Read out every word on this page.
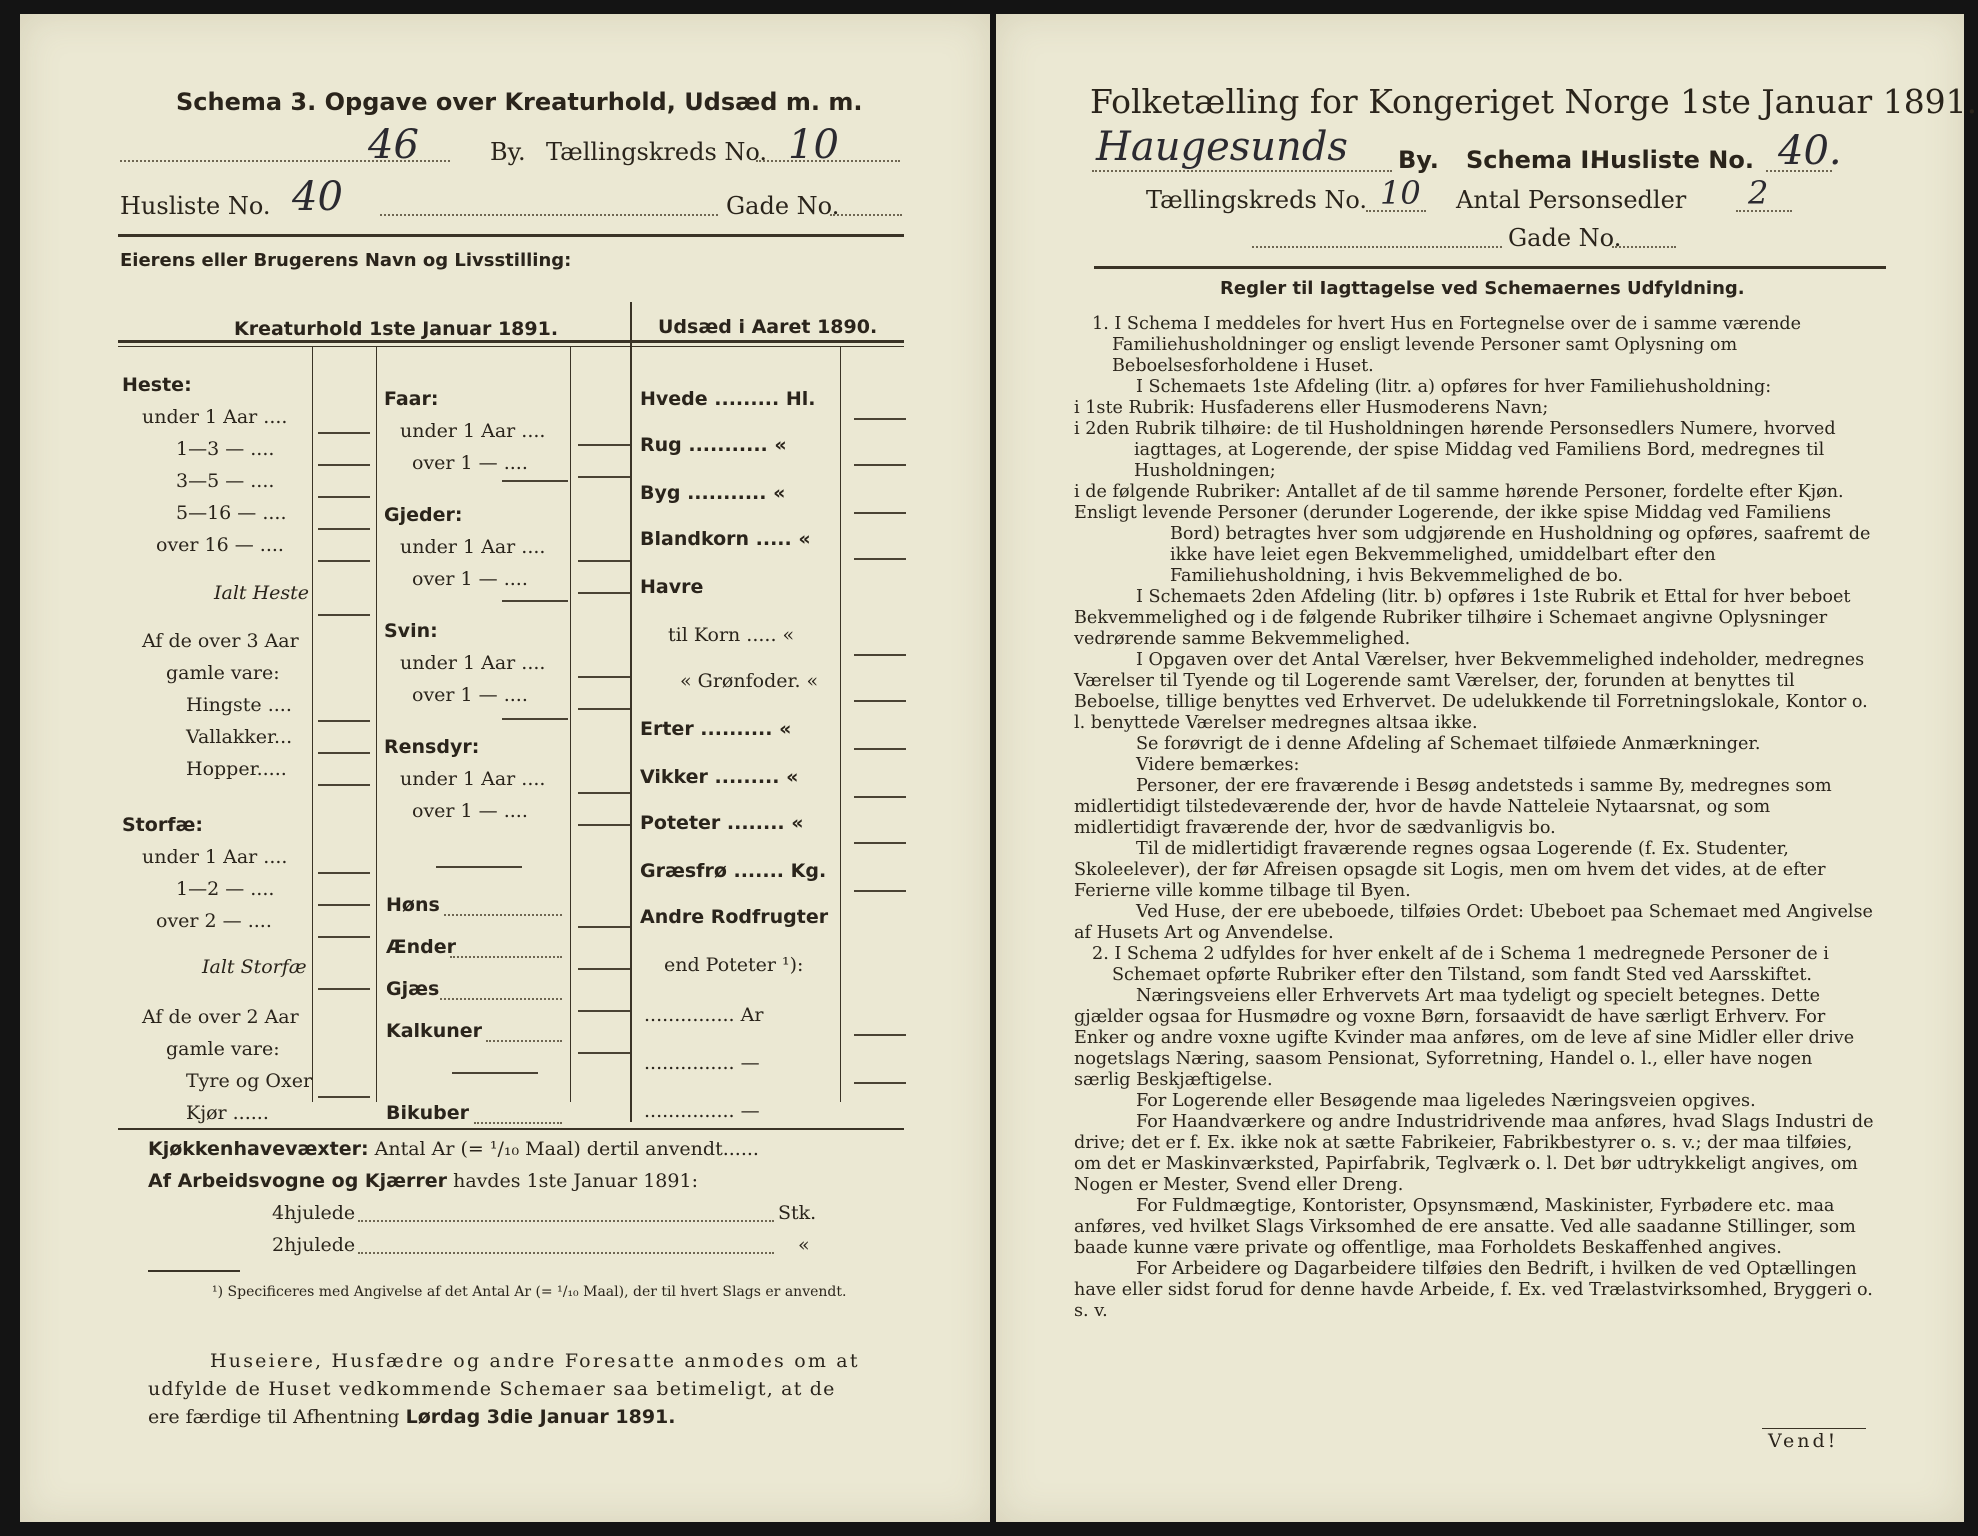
Schema 3. Opgave over Kreaturhold, Udsæd m. m.
46	By. Tællingskreds No. 10
Husliste No. 40	Gade No.
Eierens eller Brugerens Navn og Livsstilling:
Kreaturhold 1ste Januar 1891.	Udsæd i Aaret 1890.
Heste:
under 1 Aar ....
1—3 — ....
3—5 — ....
5—16 — ....
over 16 — ....
Ialt Heste
Af de over 3 Aar
gamle vare:
Hingste ....
Vallakker...
Hopper.....
Storfæ:
under 1 Aar ....
1—2 — ....
over 2 — ....
Ialt Storfæ
Af de over 2 Aar
gamle vare:
Tyre og Oxer
Kjør ......
Faar:
under 1 Aar ....
over 1 — ....
Gjeder:
under 1 Aar ....
over 1 — ....
Svin:
under 1 Aar ....
over 1 — ....
Rensdyr:
under 1 Aar ....
over 1 — ....
Høns
Ænder
Gjæs
Kalkuner
Bikuber
Hvede ......... Hl.
Rug ........... «
Byg ........... «
Blandkorn ..... «
Havre
til Korn ..... «
« Grønfoder. «
Erter .......... «
Vikker ......... «
Poteter ........ «
Græsfrø ....... Kg.
Andre Rodfrugter
end Poteter ¹):
............... Ar
............... —
............... —
Kjøkkenhavevæxter: Antal Ar (= ¹/₁₀ Maal) dertil anvendt......
Af Arbeidsvogne og Kjærrer havdes 1ste Januar 1891:
4hjulede	Stk.
2hjulede	«
¹) Specificeres med Angivelse af det Antal Ar (= ¹/₁₀ Maal), der til hvert Slags er anvendt.
Huseiere, Husfædre og andre Foresatte anmodes om at
udfylde de Huset vedkommende Schemaer saa betimeligt, at de
ere færdige til Afhentning Lørdag 3die Januar 1891.
Folketælling for Kongeriget Norge 1ste Januar 1891.
Haugesunds By. Schema I.
Husliste No. 40.
Tællingskreds No. 10 Antal Personsedler 2
Gade No.
Regler til Iagttagelse ved Schemaernes Udfyldning.

1. I Schema I meddeles for hvert Hus en Fortegnelse over de i samme værende Familiehusholdninger og ensligt levende Personer samt Oplysning om Beboelsesforholdene i Huset.

I Schemaets 1ste Afdeling (litr. a) opføres for hver Familiehusholdning:

i 1ste Rubrik: Husfaderens eller Husmoderens Navn;

i 2den Rubrik tilhøire: de til Husholdningen hørende Personsedlers Numere, hvorved iagttages, at Logerende, der spise Middag ved Familiens Bord, medregnes til Husholdningen;

i de følgende Rubriker: Antallet af de til samme hørende Personer, fordelte efter Kjøn.

Ensligt levende Personer (derunder Logerende, der ikke spise Middag ved Familiens Bord) betragtes hver som udgjørende en Husholdning og opføres, saafremt de ikke have leiet egen Bekvemmelighed, umiddelbart efter den Familiehusholdning, i hvis Bekvemmelighed de bo.

I Schemaets 2den Afdeling (litr. b) opføres i 1ste Rubrik et Ettal for hver beboet Bekvemmelighed og i de følgende Rubriker tilhøire i Schemaet angivne Oplysninger vedrørende samme Bekvemmelighed.

I Opgaven over det Antal Værelser, hver Bekvemmelighed indeholder, medregnes Værelser til Tyende og til Logerende samt Værelser, der, forunden at benyttes til Beboelse, tillige benyttes ved Erhvervet. De udelukkende til Forretningslokale, Kontor o. l. benyttede Værelser medregnes altsaa ikke.

Se forøvrigt de i denne Afdeling af Schemaet tilføiede Anmærkninger.

Videre bemærkes:

Personer, der ere fraværende i Besøg andetsteds i samme By, medregnes som midlertidigt tilstedeværende der, hvor de havde Natteleie Nytaarsnat, og som midlertidigt fraværende der, hvor de sædvanligvis bo.

Til de midlertidigt fraværende regnes ogsaa Logerende (f. Ex. Studenter, Skoleelever), der før Afreisen opsagde sit Logis, men om hvem det vides, at de efter Ferierne ville komme tilbage til Byen.

Ved Huse, der ere ubeboede, tilføies Ordet: Ubeboet paa Schemaet med Angivelse af Husets Art og Anvendelse.

2. I Schema 2 udfyldes for hver enkelt af de i Schema 1 medregnede Personer de i Schemaet opførte Rubriker efter den Tilstand, som fandt Sted ved Aarsskiftet.

Næringsveiens eller Erhvervets Art maa tydeligt og specielt betegnes. Dette gjælder ogsaa for Husmødre og voxne Børn, forsaavidt de have særligt Erhverv. For Enker og andre voxne ugifte Kvinder maa anføres, om de leve af sine Midler eller drive nogetslags Næring, saasom Pensionat, Syforretning, Handel o. l., eller have nogen særlig Beskjæftigelse.

For Logerende eller Besøgende maa ligeledes Næringsveien opgives.

For Haandværkere og andre Industridrivende maa anføres, hvad Slags Industri de drive; det er f. Ex. ikke nok at sætte Fabrikeier, Fabrikbestyrer o. s. v.; der maa tilføies, om det er Maskinværksted, Papirfabrik, Teglværk o. l. Det bør udtrykkeligt angives, om Nogen er Mester, Svend eller Dreng.

For Fuldmægtige, Kontorister, Opsynsmænd, Maskinister, Fyrbødere etc. maa anføres, ved hvilket Slags Virksomhed de ere ansatte. Ved alle saadanne Stillinger, som baade kunne være private og offentlige, maa Forholdets Beskaffenhed angives.

For Arbeidere og Dagarbeidere tilføies den Bedrift, i hvilken de ved Optællingen have eller sidst forud for denne havde Arbeide, f. Ex. ved Trælastvirksomhed, Bryggeri o. s. v.

Vend!
